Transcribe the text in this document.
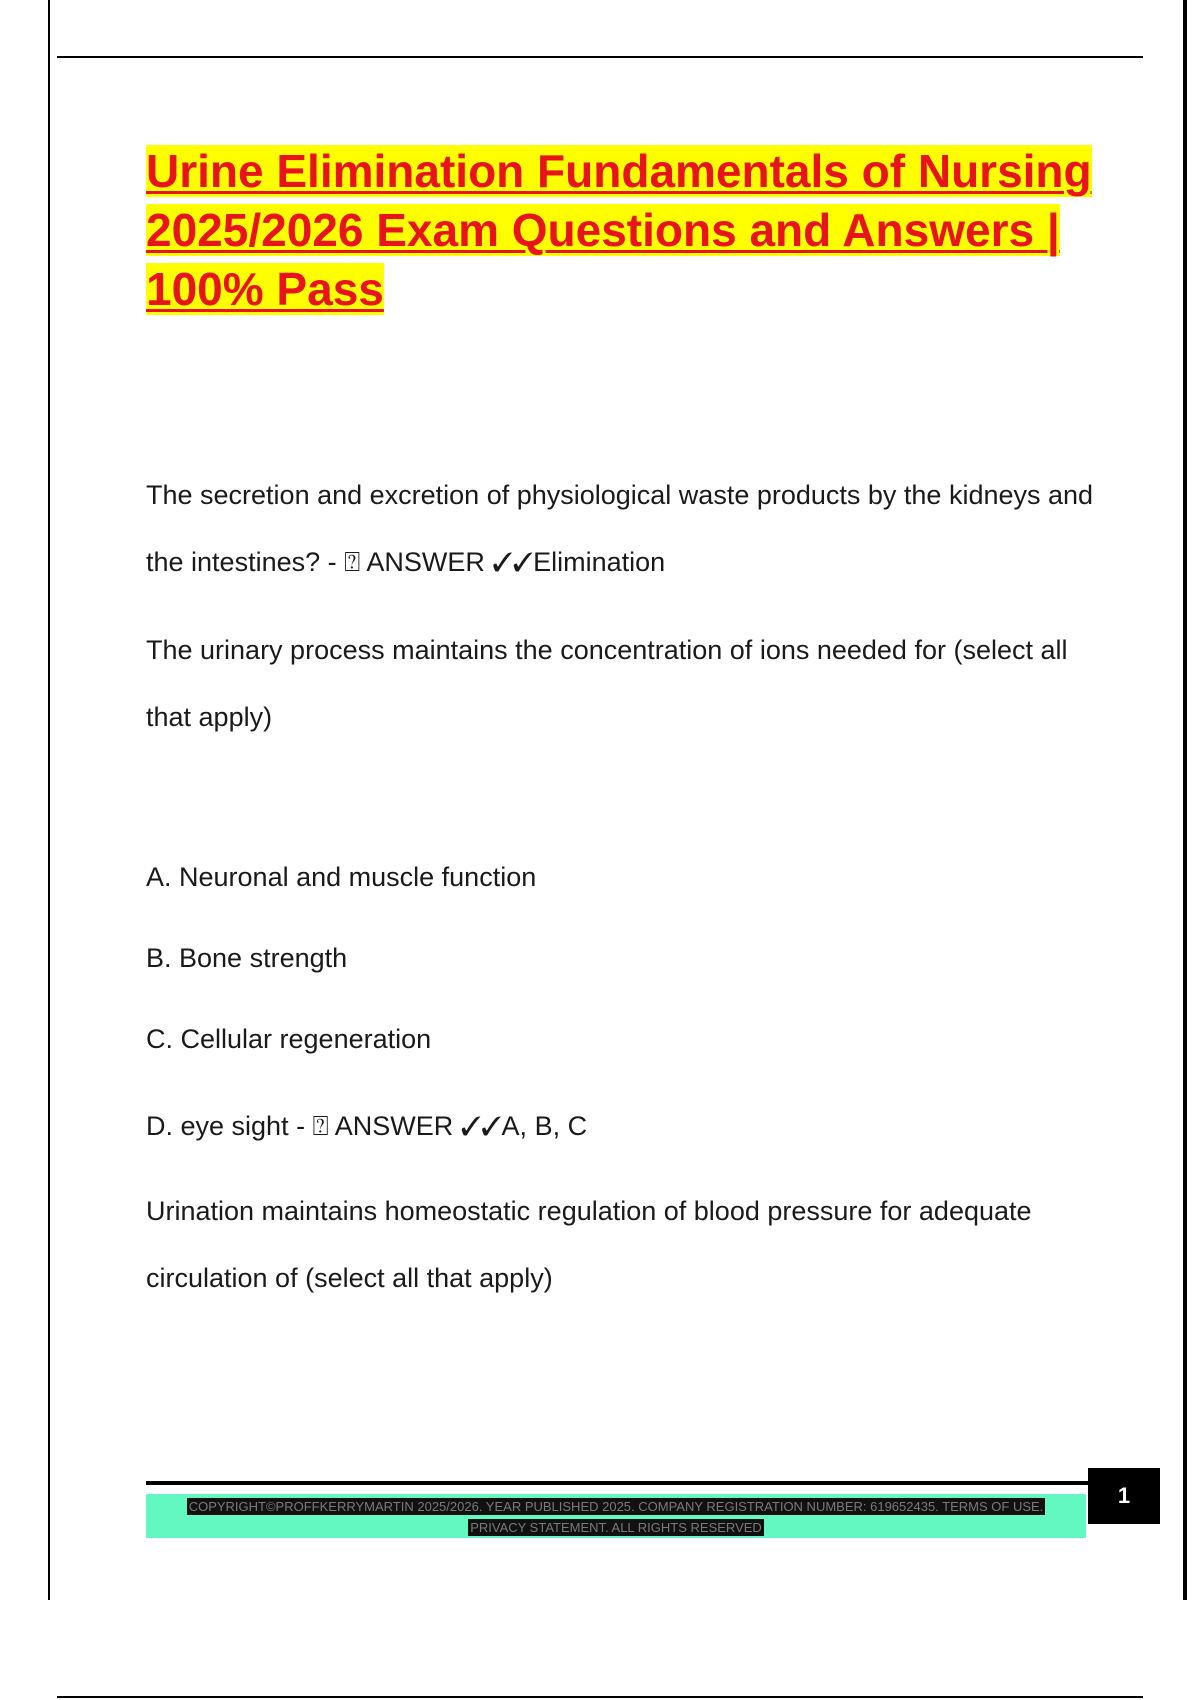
Urine Elimination Fundamentals of Nursing 2025/2026 Exam Questions and Answers | 100% Pass

The secretion and excretion of physiological waste products by the kidneys and the intestines? - ⍰ ANSWER ✓✓Elimination

The urinary process maintains the concentration of ions needed for (select all that apply)

A. Neuronal and muscle function

B. Bone strength

C. Cellular regeneration

D. eye sight - ⍰ ANSWER ✓✓A, B, C

Urination maintains homeostatic regulation of blood pressure for adequate circulation of (select all that apply)

COPYRIGHT©PROFFKERRYMARTIN 2025/2026. YEAR PUBLISHED 2025. COMPANY REGISTRATION NUMBER: 619652435. TERMS OF USE.
PRIVACY STATEMENT. ALL RIGHTS RESERVED
1
